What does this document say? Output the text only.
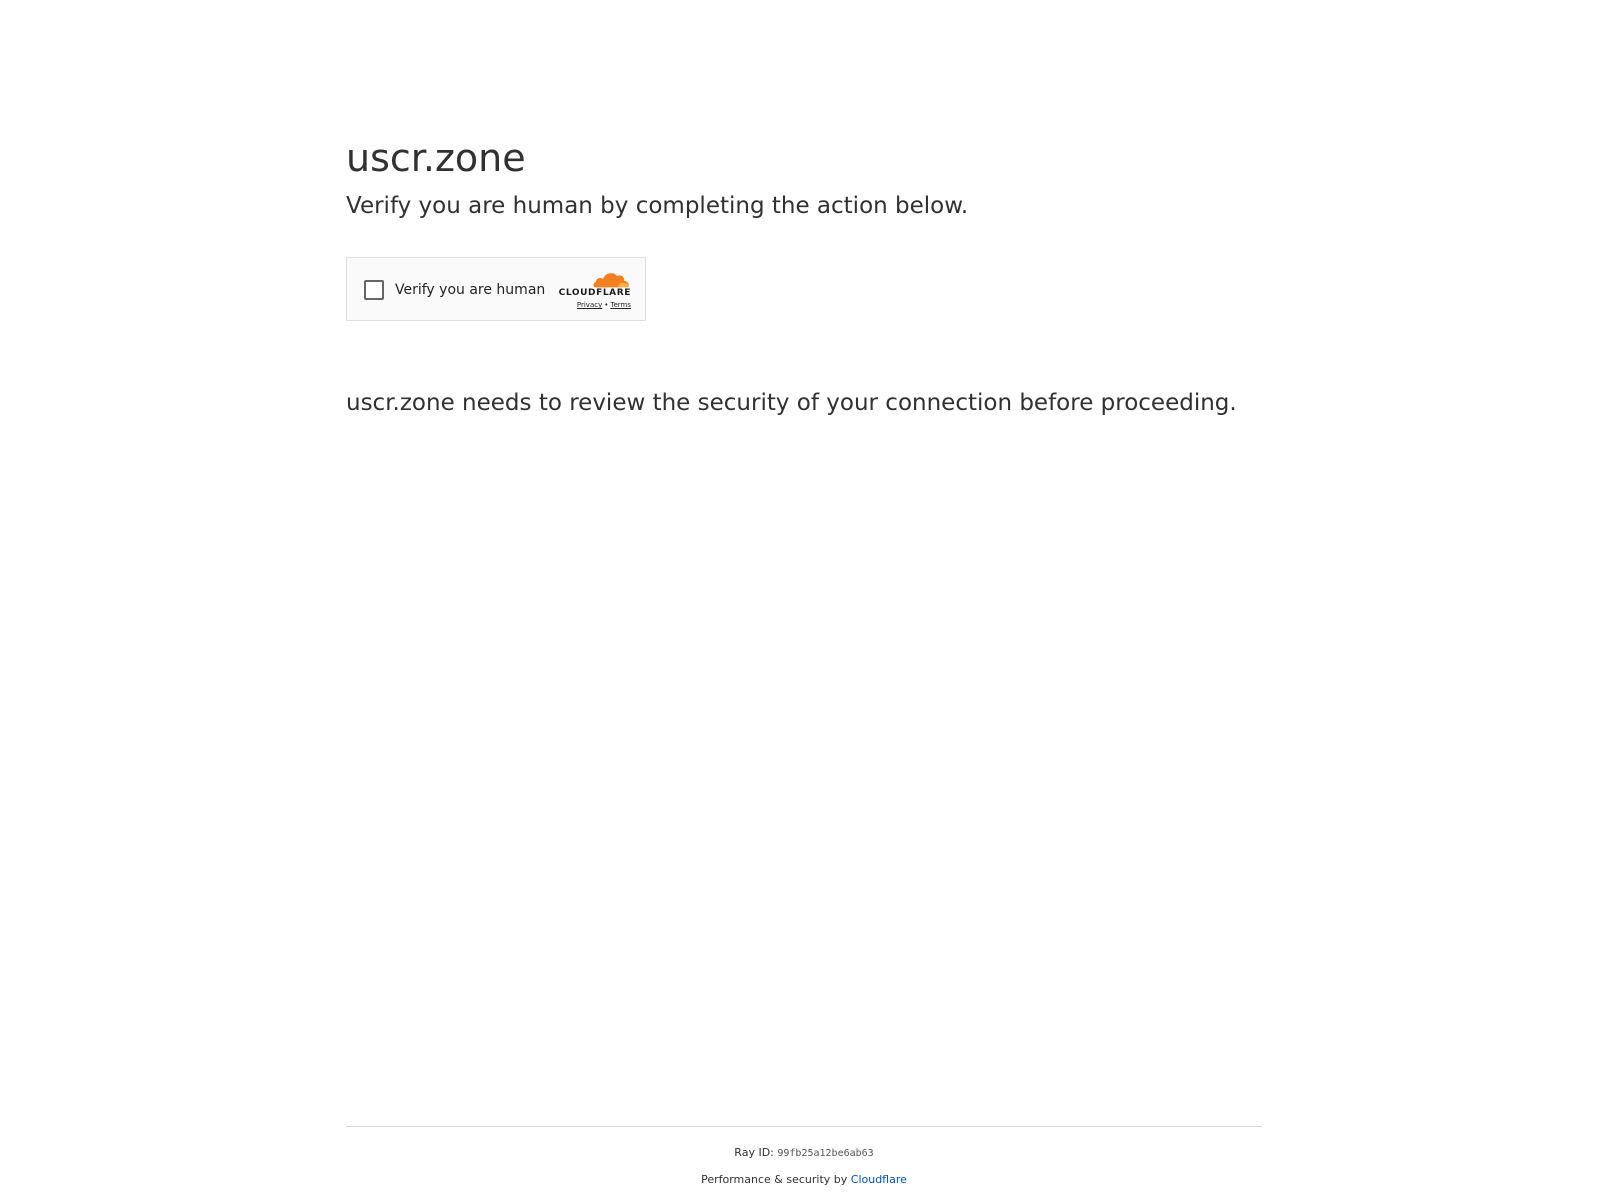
uscr.zone
Verify you are human by completing the action below.
Verify you are human CLOUDFLARE
Privacy • Terms

uscr.zone needs to review the security of your connection before proceeding.

Ray ID: 99fb25a12be6ab63
Performance & security by Cloudflare
